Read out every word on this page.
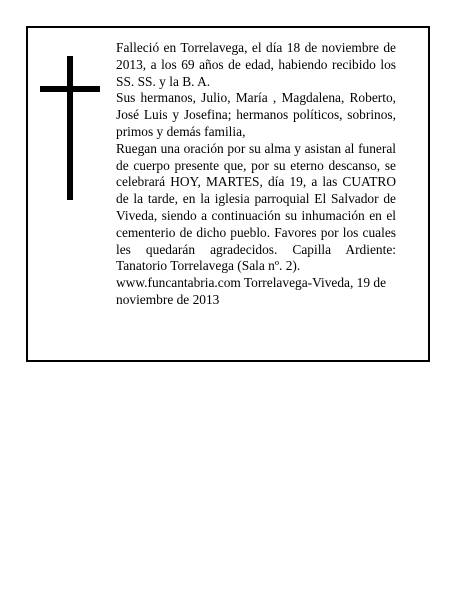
Falleció en Torrelavega, el día 18 de noviembre de 2013, a los 69 años de edad, habiendo recibido los SS. SS. y la B. A.

Sus hermanos, Julio, María , Magdalena, Roberto, José Luis y Josefina; hermanos políticos, sobrinos, primos y demás familia,

Ruegan una oración por su alma y asistan al funeral de cuerpo presente que, por su eterno descanso, se celebrará HOY, MARTES, día 19, a las CUATRO de la tarde, en la iglesia parroquial El Salvador de Viveda, siendo a continuación su inhumación en el cementerio de dicho pueblo. Favores por los cuales les quedarán agradecidos. Capilla Ardiente: Tanatorio Torrelavega (Sala nº. 2).

www.funcantabria.com Torrelavega-Viveda, 19 de noviembre de 2013
